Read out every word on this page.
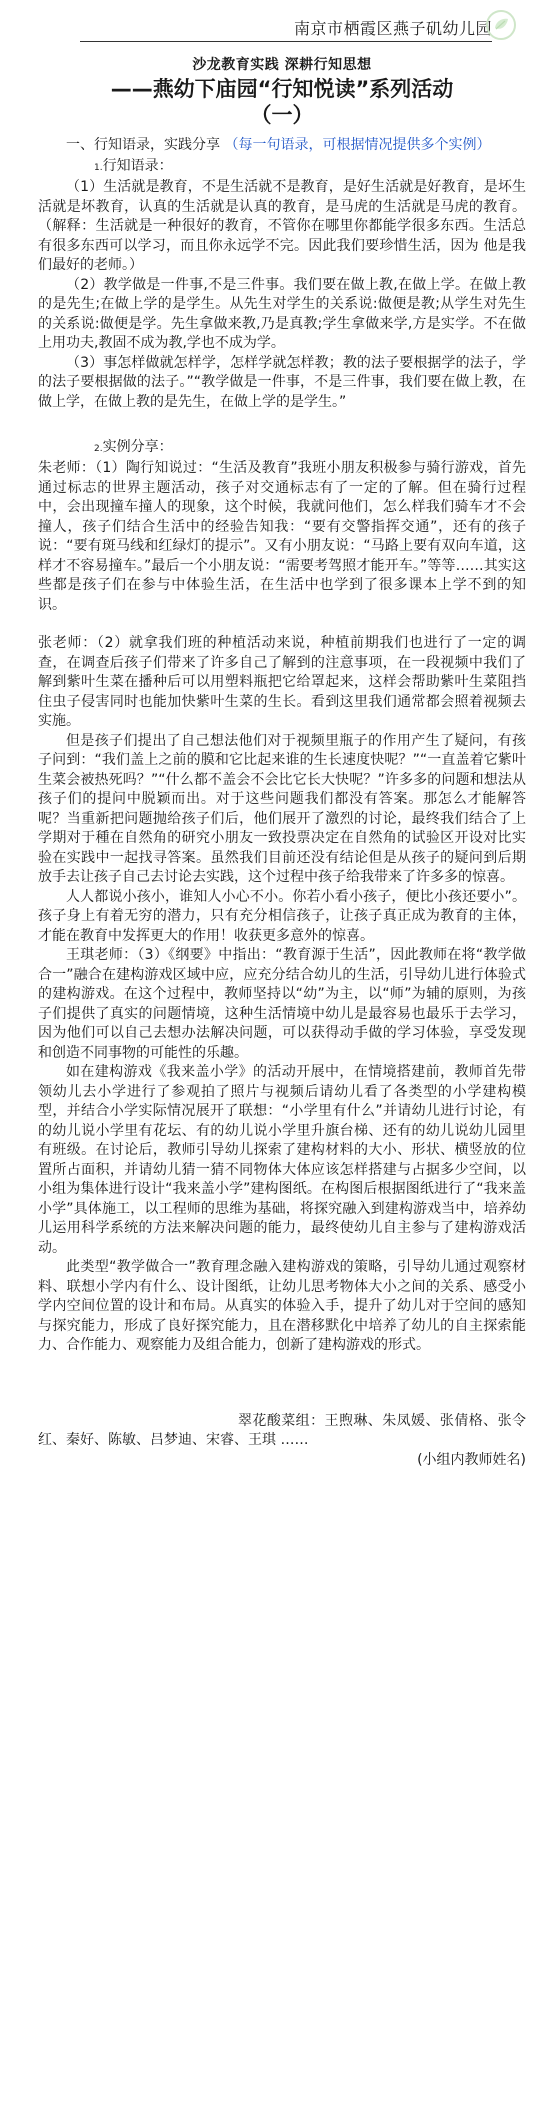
南京市栖霞区燕子矶幼儿园
沙龙教育实践 深耕行知思想
——燕幼下庙园“行知悦读”系列活动
（一）
一、行知语录，实践分享 （每一句语录，可根据情况提供多个实例）
1.行知语录：

（1）生活就是教育，不是生活就不是教育，是好生活就是好教育，是坏生活就是坏教育，认真的生活就是认真的教育，是马虎的生活就是马虎的教育。（解释：生活就是一种很好的教育，不管你在哪里你都能学很多东西。生活总有很多东西可以学习，而且你永远学不完。因此我们要珍惜生活，因为 他是我们最好的老师。）

（2）教学做是一件事,不是三件事。我们要在做上教,在做上学。在做上教的是先生;在做上学的是学生。从先生对学生的关系说:做便是教;从学生对先生的关系说:做便是学。先生拿做来教,乃是真教;学生拿做来学,方是实学。不在做上用功夫,教固不成为教,学也不成为学。

（3）事怎样做就怎样学，怎样学就怎样教；教的法子要根据学的法子，学的法子要根据做的法子。”“教学做是一件事，不是三件事，我们要在做上教，在做上学，在做上教的是先生，在做上学的是学生。”

2.实例分享：

朱老师：（1）陶行知说过：“生活及教育”我班小朋友积极参与骑行游戏，首先通过标志的世界主题活动，孩子对交通标志有了一定的了解。但在骑行过程中，会出现撞车撞人的现象，这个时候，我就问他们，怎么样我们骑车才不会撞人，孩子们结合生活中的经验告知我：“要有交警指挥交通”，还有的孩子说：“要有斑马线和红绿灯的提示”。又有小朋友说：“马路上要有双向车道，这样才不容易撞车。”最后一个小朋友说：“需要考驾照才能开车。”等等……其实这些都是孩子们在参与中体验生活，在生活中也学到了很多课本上学不到的知识。

张老师：（2）就拿我们班的种植活动来说，种植前期我们也进行了一定的调查，在调查后孩子们带来了许多自己了解到的注意事项，在一段视频中我们了解到紫叶生菜在播种后可以用塑料瓶把它给罩起来，这样会帮助紫叶生菜阻挡住虫子侵害同时也能加快紫叶生菜的生长。看到这里我们通常都会照着视频去实施。

但是孩子们提出了自己想法他们对于视频里瓶子的作用产生了疑问，有孩子问到：“我们盖上之前的膜和它比起来谁的生长速度快呢？”“一直盖着它紫叶生菜会被热死吗？”“什么都不盖会不会比它长大快呢？”许多多的问题和想法从孩子们的提问中脱颖而出。对于这些问题我们都没有答案。那怎么才能解答呢？当重新把问题抛给孩子们后，他们展开了激烈的讨论，最终我们结合了上学期对于種在自然角的研究小朋友一致投票决定在自然角的试验区开设对比实验在实践中一起找寻答案。虽然我们目前还没有结论但是从孩子的疑问到后期放手去让孩子自己去讨论去实践，这个过程中孩子给我带来了许多多的惊喜。

人人都说小孩小，谁知人小心不小。你若小看小孩子，便比小孩还要小”。孩子身上有着无穷的潜力，只有充分相信孩子，让孩子真正成为教育的主体，才能在教育中发挥更大的作用！收获更多意外的惊喜。

王琪老师：（3）《纲要》中指出：“教育源于生活”，因此教师在将“教学做合一”融合在建构游戏区域中应，应充分结合幼儿的生活，引导幼儿进行体验式的建构游戏。在这个过程中，教师坚持以“幼”为主，以“师”为辅的原则，为孩子们提供了真实的问题情境，这种生活情境中幼儿是最容易也最乐于去学习，因为他们可以自己去想办法解决问题，可以获得动手做的学习体验，享受发现和创造不同事物的可能性的乐趣。

如在建构游戏《我来盖小学》的活动开展中，在情境搭建前，教师首先带领幼儿去小学进行了参观拍了照片与视频后请幼儿看了各类型的小学建构模型，并结合小学实际情况展开了联想：“小学里有什么”并请幼儿进行讨论，有的幼儿说小学里有花坛、有的幼儿说小学里升旗台梯、还有的幼儿说幼儿园里有班级。在讨论后，教师引导幼儿探索了建构材料的大小、形状、横竖放的位置所占面积，并请幼儿猜一猜不同物体大体应该怎样搭建与占据多少空间，以小组为集体进行设计“我来盖小学”建构图纸。在构图后根据图纸进行了“我来盖小学”具体施工，以工程师的思维为基础，将探究融入到建构游戏当中，培养幼儿运用科学系统的方法来解决问题的能力，最终使幼儿自主参与了建构游戏活动。

此类型“教学做合一”教育理念融入建构游戏的策略，引导幼儿通过观察材料、联想小学内有什么、设计图纸，让幼儿思考物体大小之间的关系、感受小学内空间位置的设计和布局。从真实的体验入手，提升了幼儿对于空间的感知与探究能力，形成了良好探究能力，且在潜移默化中培养了幼儿的自主探索能力、合作能力、观察能力及组合能力，创新了建构游戏的形式。

翠花酸菜组：王煦琳、朱凤媛、张倩格、张令红、秦好、陈敏、吕梦迪、宋睿、王琪 ……

(小组内教师姓名)
